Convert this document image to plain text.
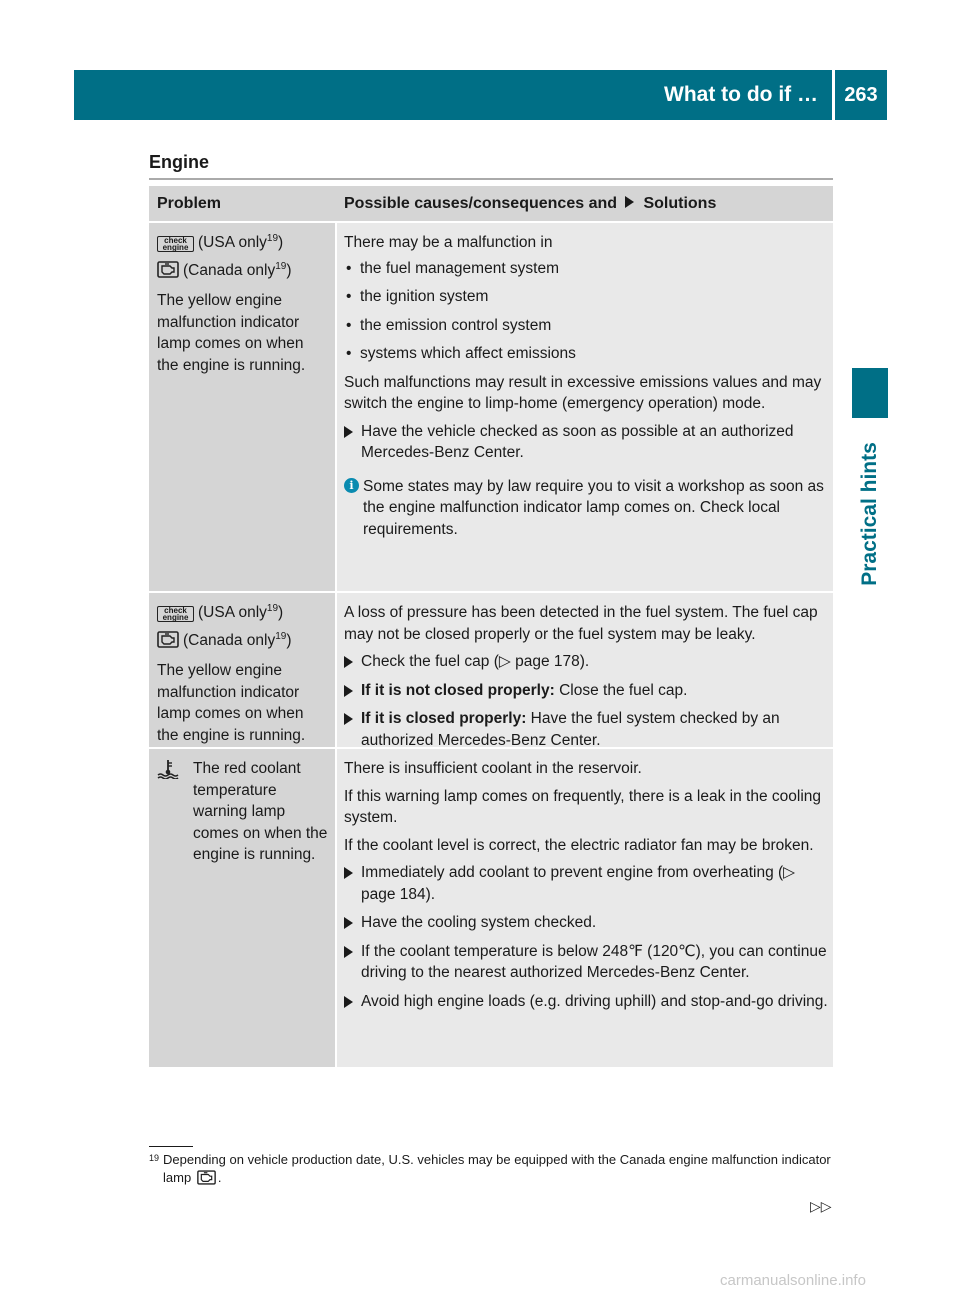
What to do if …	263
Practical hints
Engine
Problem	Possible causes/consequences and Solutions

check
engine (USA only$^{19}$)

(Canada only$^{19}$)

The yellow engine malfunction indicator lamp comes on when the engine is running.

There may be a malfunction in

• the fuel management system
• the ignition system
• the emission control system
• systems which affect emissions

Such malfunctions may result in excessive emissions values and may switch the engine to limp-home (emergency operation) mode.

Have the vehicle checked as soon as possible at an authorized Mercedes-Benz Center.
i Some states may by law require you to visit a workshop as soon as the engine malfunction indicator lamp comes on. Check local requirements.

check
engine (USA only$^{19}$)

(Canada only$^{19}$)

The yellow engine malfunction indicator lamp comes on when the engine is running.

A loss of pressure has been detected in the fuel system. The fuel cap may not be closed properly or the fuel system may be leaky.

Check the fuel cap (▷ page 178).
If it is not closed properly: Close the fuel cap.
If it is closed properly: Have the fuel system checked by an authorized Mercedes-Benz Center.
The red coolant temperature warning lamp comes on when the engine is running.

There is insufficient coolant in the reservoir.

If this warning lamp comes on frequently, there is a leak in the cooling system.

If the coolant level is correct, the electric radiator fan may be broken.

Immediately add coolant to prevent engine from overheating (▷ page 184).
Have the cooling system checked.
If the coolant temperature is below 248℉ (120℃), you can continue driving to the nearest authorized Mercedes-Benz Center.
Avoid high engine loads (e.g. driving uphill) and stop-and-go driving.
19 Depending on vehicle production date, U.S. vehicles may be equipped with the Canada engine malfunction indicator lamp .
▷▷
carmanualsonline.info
